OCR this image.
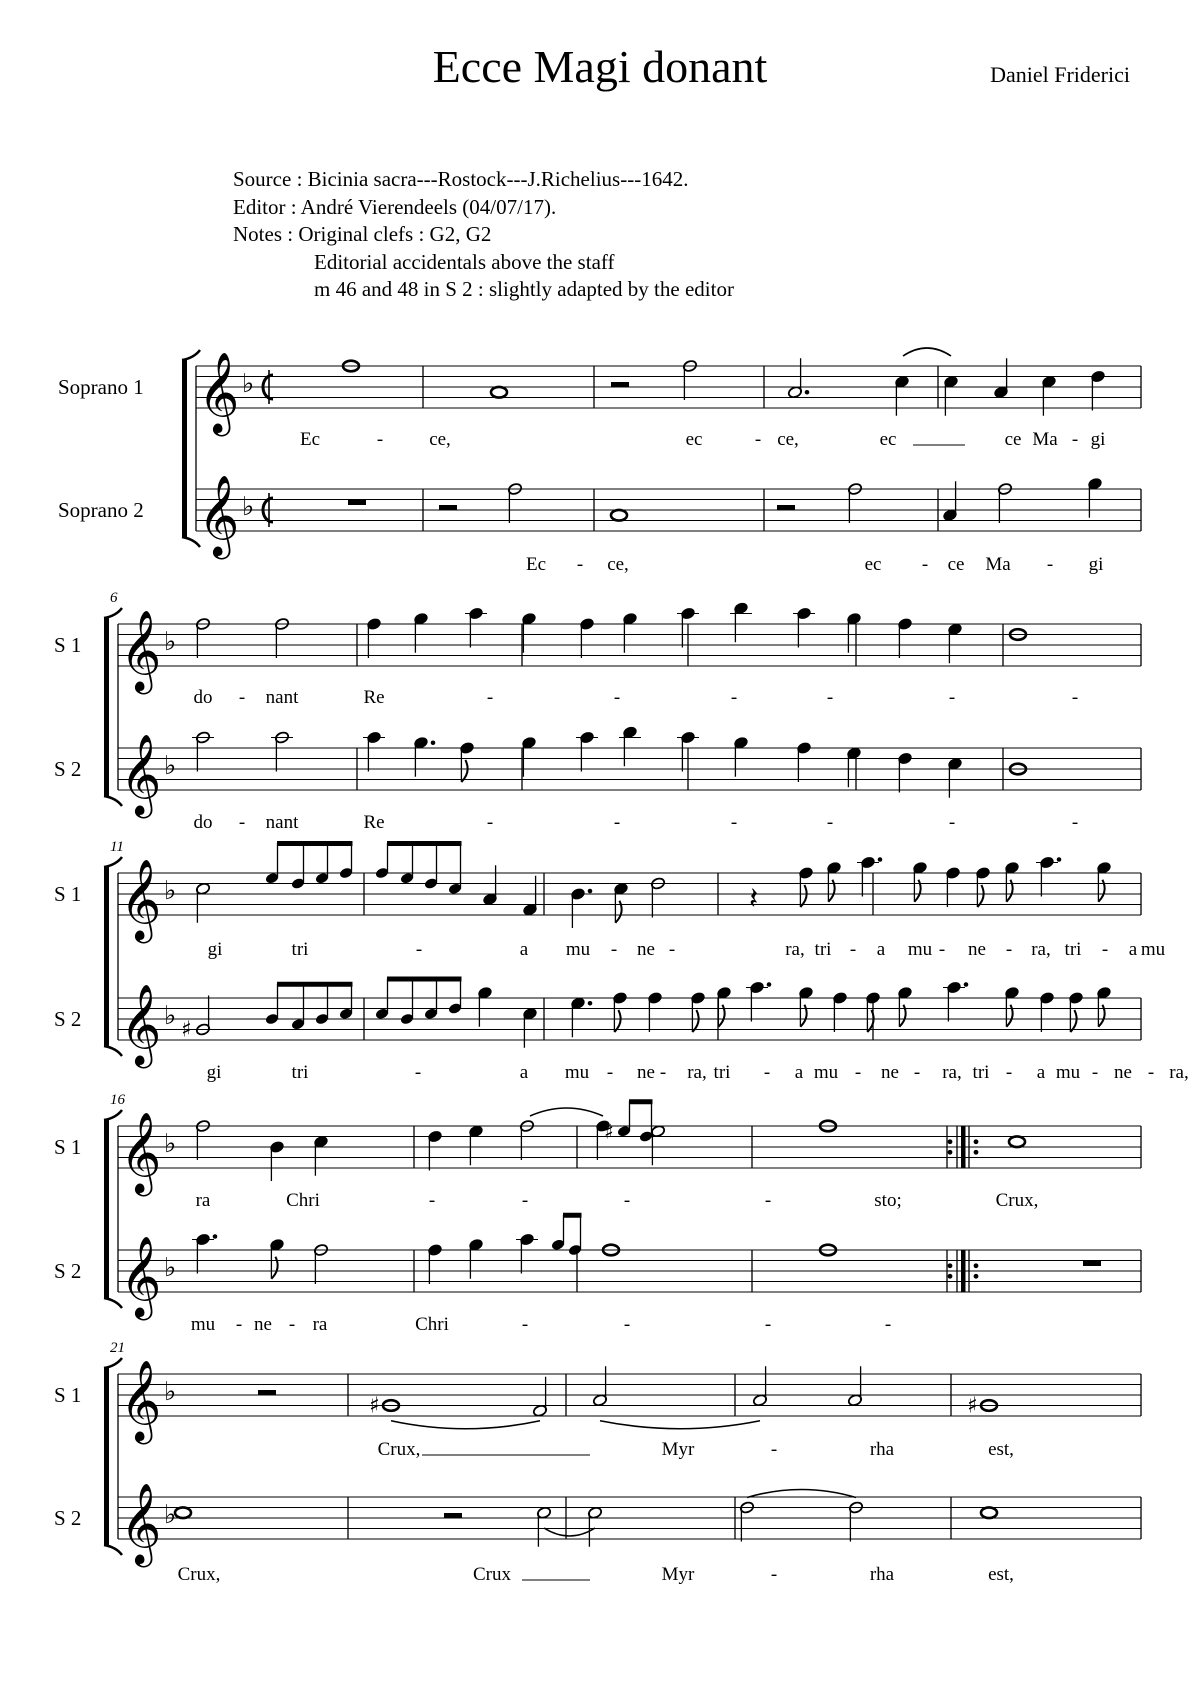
Ecce Magi donant	Daniel Friderici
Source : Bicinia sacra---Rostock---J.Richelius---1642.
Editor : André Vierendeels (04/07/17).
Notes : Original clefs : G2, G2
Editorial accidentals above the staff
m 46 and 48 in S 2 : slightly adapted by the editor
𝄞
𝄞
♭
♭
Ec	- ce,	ec	- ce,	ec	ce Ma - gi
Ec - ce,	ec - ce Ma - gi
Soprano 1
Soprano 2
𝄞
𝄞
♭
♭
6
do - nant	Re	-	-	-	-	-	-
do - nant	Re	-	-	-	-	-	-
S 1
S 2
𝄞
𝄞
♭
♭ ♯
𝄽
11
gi	tri	-	a mu - ne -	ra, tri - a mu - ne - ra, tri - a mu
gi	tri	-	a mu - ne - ra, tri - a mu - ne - ra, tri - a mu - ne - ra,
S 1
S 2
𝄞
𝄞
♭
♭
♯
16
ra	Chri	-	-	-	-	sto;	Crux,
mu - ne - ra	Chri	-	-	-	-
S 1
S 2
𝄞
𝄞
♭
♭
♯	♯
21
Crux,	Myr	-	rha	est,
Crux,	Crux	Myr	-	rha	est,
S 1
S 2
